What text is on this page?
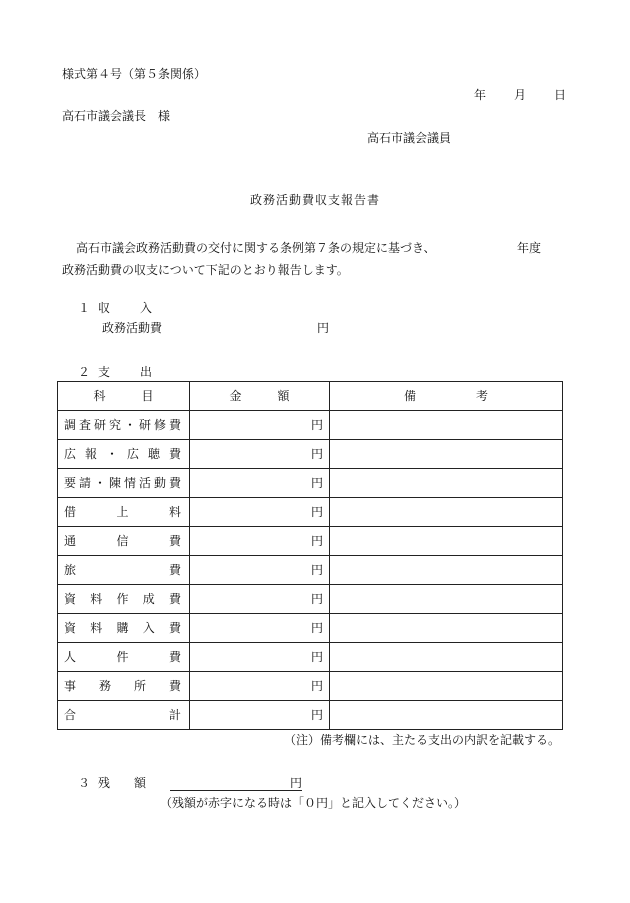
様式第４号（第５条関係）
年 月 日
高石市議会議長　様
高石市議会議員
政務活動費収支報告書
高石市議会政務活動費の交付に関する条例第７条の規定に基づき、	年度
政務活動費の収支について下記のとおり報告します。
１ 収 入
政務活動費	円
２ 支 出
科　　　目	金　　　額	備　　　　　考
調査研究・研修費	円	
広報・広聴費	円	
要請・陳情活動費	円	
借上料	円	
通信費	円	
旅費	円	
資料作成費	円	
資料購入費	円	
人件費	円	
事務所費	円	
合計	円	
（注）備考欄には、主たる支出の内訳を記載する。
３ 残　　額	円
（残額が赤字になる時は「０円」と記入してください。）
